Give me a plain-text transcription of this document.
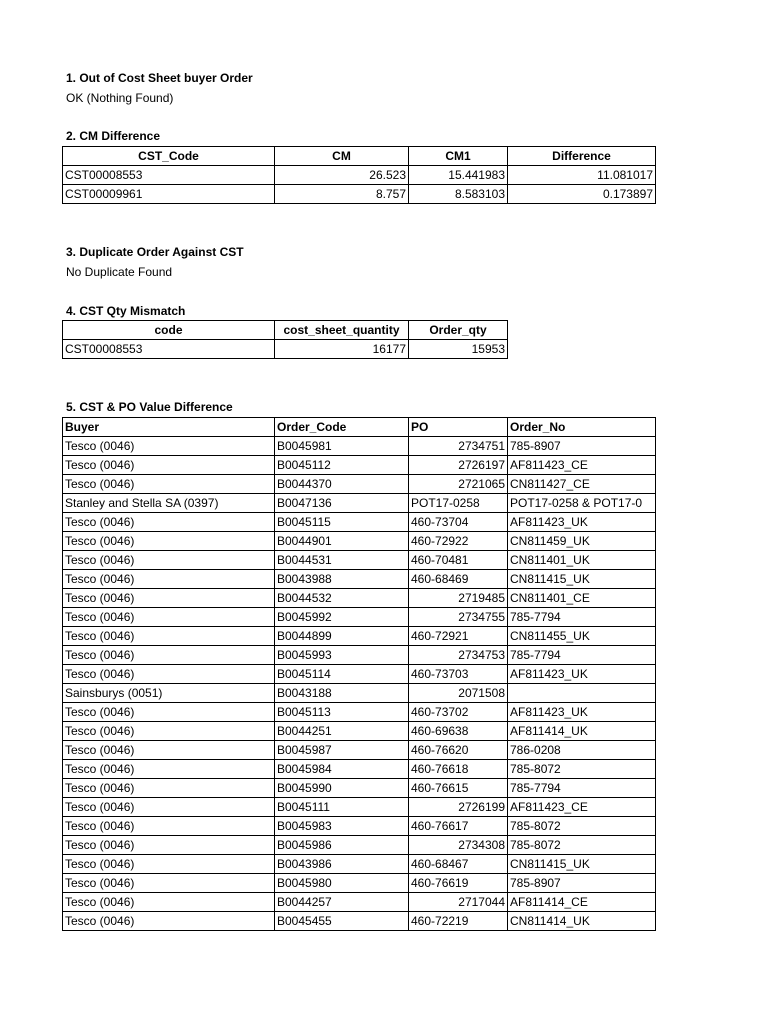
1. Out of Cost Sheet buyer Order
OK (Nothing Found)
2. CM Difference
CST_Code	CM	CM1	Difference
CST00008553	26.523	15.441983	11.081017
CST00009961	8.757	8.583103	0.173897
3. Duplicate Order Against CST
No Duplicate Found
4. CST Qty Mismatch
code	cost_sheet_quantity	Order_qty
CST00008553	16177	15953
5. CST & PO Value Difference
Buyer	Order_Code	PO	Order_No
Tesco (0046)	B0045981	2734751	785-8907
Tesco (0046)	B0045112	2726197	AF811423_CE
Tesco (0046)	B0044370	2721065	CN811427_CE
Stanley and Stella SA (0397)	B0047136	POT17-0258	POT17-0258 & POT17-0
Tesco (0046)	B0045115	460-73704	AF811423_UK
Tesco (0046)	B0044901	460-72922	CN811459_UK
Tesco (0046)	B0044531	460-70481	CN811401_UK
Tesco (0046)	B0043988	460-68469	CN811415_UK
Tesco (0046)	B0044532	2719485	CN811401_CE
Tesco (0046)	B0045992	2734755	785-7794
Tesco (0046)	B0044899	460-72921	CN811455_UK
Tesco (0046)	B0045993	2734753	785-7794
Tesco (0046)	B0045114	460-73703	AF811423_UK
Sainsburys (0051)	B0043188	2071508	
Tesco (0046)	B0045113	460-73702	AF811423_UK
Tesco (0046)	B0044251	460-69638	AF811414_UK
Tesco (0046)	B0045987	460-76620	786-0208
Tesco (0046)	B0045984	460-76618	785-8072
Tesco (0046)	B0045990	460-76615	785-7794
Tesco (0046)	B0045111	2726199	AF811423_CE
Tesco (0046)	B0045983	460-76617	785-8072
Tesco (0046)	B0045986	2734308	785-8072
Tesco (0046)	B0043986	460-68467	CN811415_UK
Tesco (0046)	B0045980	460-76619	785-8907
Tesco (0046)	B0044257	2717044	AF811414_CE
Tesco (0046)	B0045455	460-72219	CN811414_UK
